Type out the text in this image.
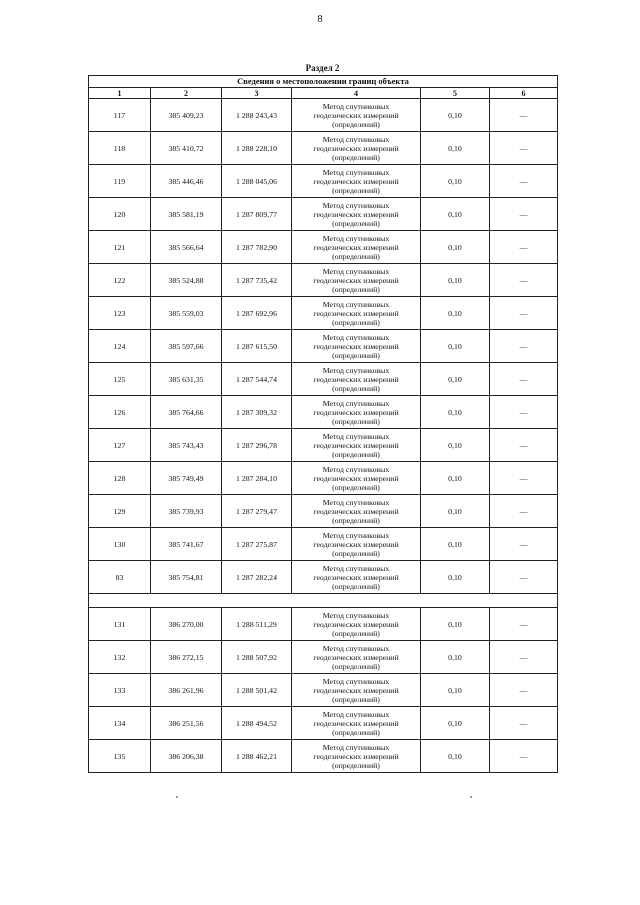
8
Раздел 2
Сведения о местоположении границ объекта					
1	2	3	4	5	6
117	385 409,23	1 288 243,43	Метод спутниковых
геодезических измерений
(определений)	0,10	—
118	385 410,72	1 288 228,10	Метод спутниковых
геодезических измерений
(определений)	0,10	—
119	385 446,46	1 288 045,06	Метод спутниковых
геодезических измерений
(определений)	0,10	—
120	385 581,19	1 287 809,77	Метод спутниковых
геодезических измерений
(определений)	0,10	—
121	385 566,64	1 287 782,90	Метод спутниковых
геодезических измерений
(определений)	0,10	—
122	385 524,88	1 287 735,42	Метод спутниковых
геодезических измерений
(определений)	0,10	—
123	385 559,03	1 287 692,96	Метод спутниковых
геодезических измерений
(определений)	0,10	—
124	385 597,66	1 287 615,50	Метод спутниковых
геодезических измерений
(определений)	0,10	—
125	385 631,35	1 287 544,74	Метод спутниковых
геодезических измерений
(определений)	0,10	—
126	385 764,66	1 287 309,32	Метод спутниковых
геодезических измерений
(определений)	0,10	—
127	385 743,43	1 287 296,78	Метод спутниковых
геодезических измерений
(определений)	0,10	—
128	385 749,49	1 287 284,10	Метод спутниковых
геодезических измерений
(определений)	0,10	—
129	385 739,93	1 287 279,47	Метод спутниковых
геодезических измерений
(определений)	0,10	—
130	385 741,67	1 287 275,87	Метод спутниковых
геодезических измерений
(определений)	0,10	—
83	385 754,81	1 287 282,24	Метод спутниковых
геодезических измерений
(определений)	0,10	—

131	386 270,00	1 288 511,29	Метод спутниковых
геодезических измерений
(определений)	0,10	—
132	386 272,15	1 288 507,92	Метод спутниковых
геодезических измерений
(определений)	0,10	—
133	386 261,96	1 288 501,42	Метод спутниковых
геодезических измерений
(определений)	0,10	—
134	386 251,56	1 288 494,52	Метод спутниковых
геодезических измерений
(определений)	0,10	—
135	386 206,38	1 288 462,21	Метод спутниковых
геодезических измерений
(определений)	0,10	—
